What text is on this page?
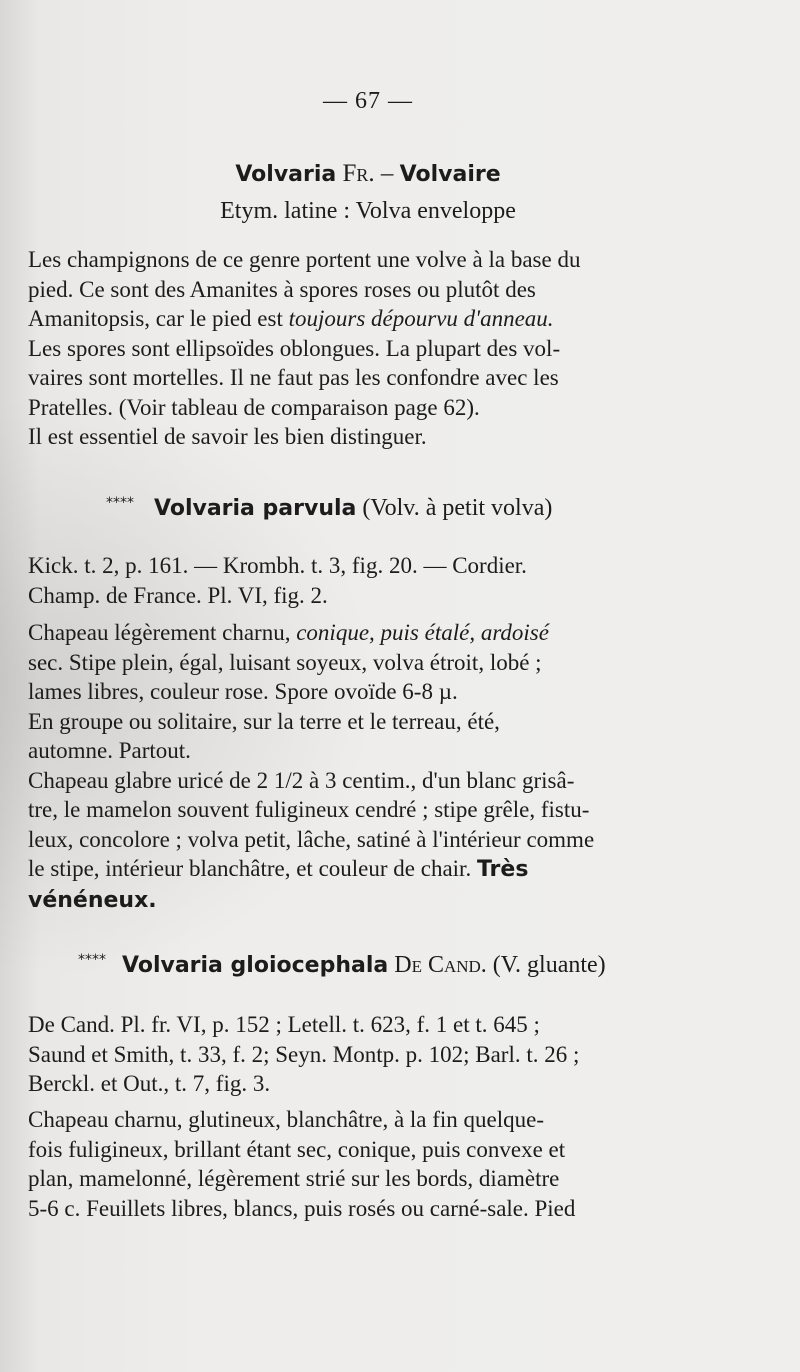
— 67 —
Volvaria Fr. – Volvaire
Etym. latine : Volva enveloppe

Les champignons de ce genre portent une volve à la base du

pied. Ce sont des Amanites à spores roses ou plutôt des

Amanitopsis, car le pied est toujours dépourvu d'anneau.

Les spores sont ellipsoïdes oblongues. La plupart des vol-

vaires sont mortelles. Il ne faut pas les confondre avec les

Pratelles. (Voir tableau de comparaison page 62).

Il est essentiel de savoir les bien distinguer.

**** Volvaria parvula (Volv. à petit volva)

Kick. t. 2, p. 161. — Krombh. t. 3, fig. 20. — Cordier.

Champ. de France. Pl. VI, fig. 2.

Chapeau légèrement charnu, conique, puis étalé, ardoisé

sec. Stipe plein, égal, luisant soyeux, volva étroit, lobé ;

lames libres, couleur rose. Spore ovoïde 6-8 µ.

En groupe ou solitaire, sur la terre et le terreau, été,

automne. Partout.

Chapeau glabre uricé de 2 1/2 à 3 centim., d'un blanc grisâ-

tre, le mamelon souvent fuligineux cendré ; stipe grêle, fistu-

leux, concolore ; volva petit, lâche, satiné à l'intérieur comme

le stipe, intérieur blanchâtre, et couleur de chair. Très

vénéneux.

**** Volvaria gloiocephala De Cand. (V. gluante)

De Cand. Pl. fr. VI, p. 152 ; Letell. t. 623, f. 1 et t. 645 ;

Saund et Smith, t. 33, f. 2; Seyn. Montp. p. 102; Barl. t. 26 ;

Berckl. et Out., t. 7, fig. 3.

Chapeau charnu, glutineux, blanchâtre, à la fin quelque-

fois fuligineux, brillant étant sec, conique, puis convexe et

plan, mamelonné, légèrement strié sur les bords, diamètre

5-6 c. Feuillets libres, blancs, puis rosés ou carné-sale. Pied
